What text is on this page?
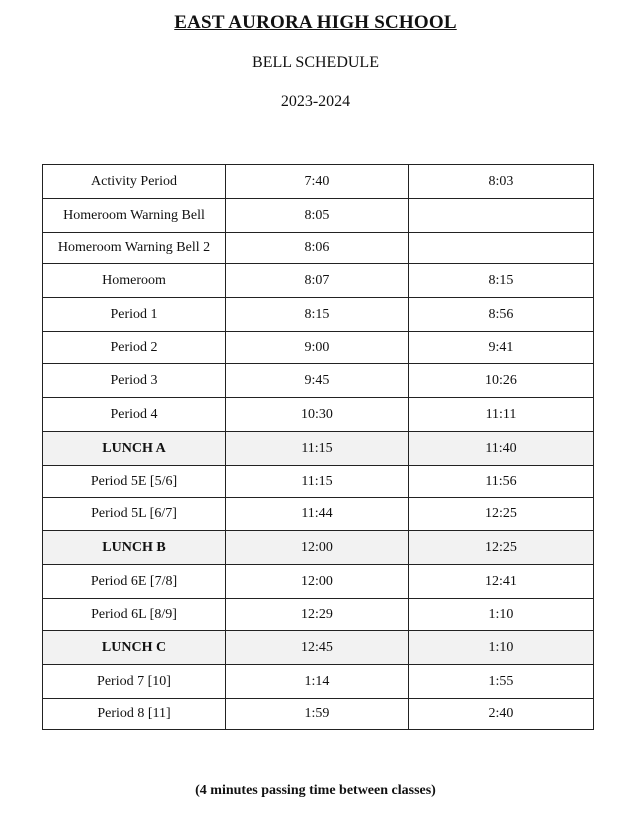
EAST AURORA HIGH SCHOOL
BELL SCHEDULE
2023-2024
Activity Period	7:40	8:03
Homeroom Warning Bell	8:05	
Homeroom Warning Bell 2	8:06	
Homeroom	8:07	8:15
Period 1	8:15	8:56
Period 2	9:00	9:41
Period 3	9:45	10:26
Period 4	10:30	11:11
LUNCH A	11:15	11:40
Period 5E [5/6]	11:15	11:56
Period 5L [6/7]	11:44	12:25
LUNCH B	12:00	12:25
Period 6E [7/8]	12:00	12:41
Period 6L [8/9]	12:29	1:10
LUNCH C	12:45	1:10
Period 7 [10]	1:14	1:55
Period 8 [11]	1:59	2:40
(4 minutes passing time between classes)
